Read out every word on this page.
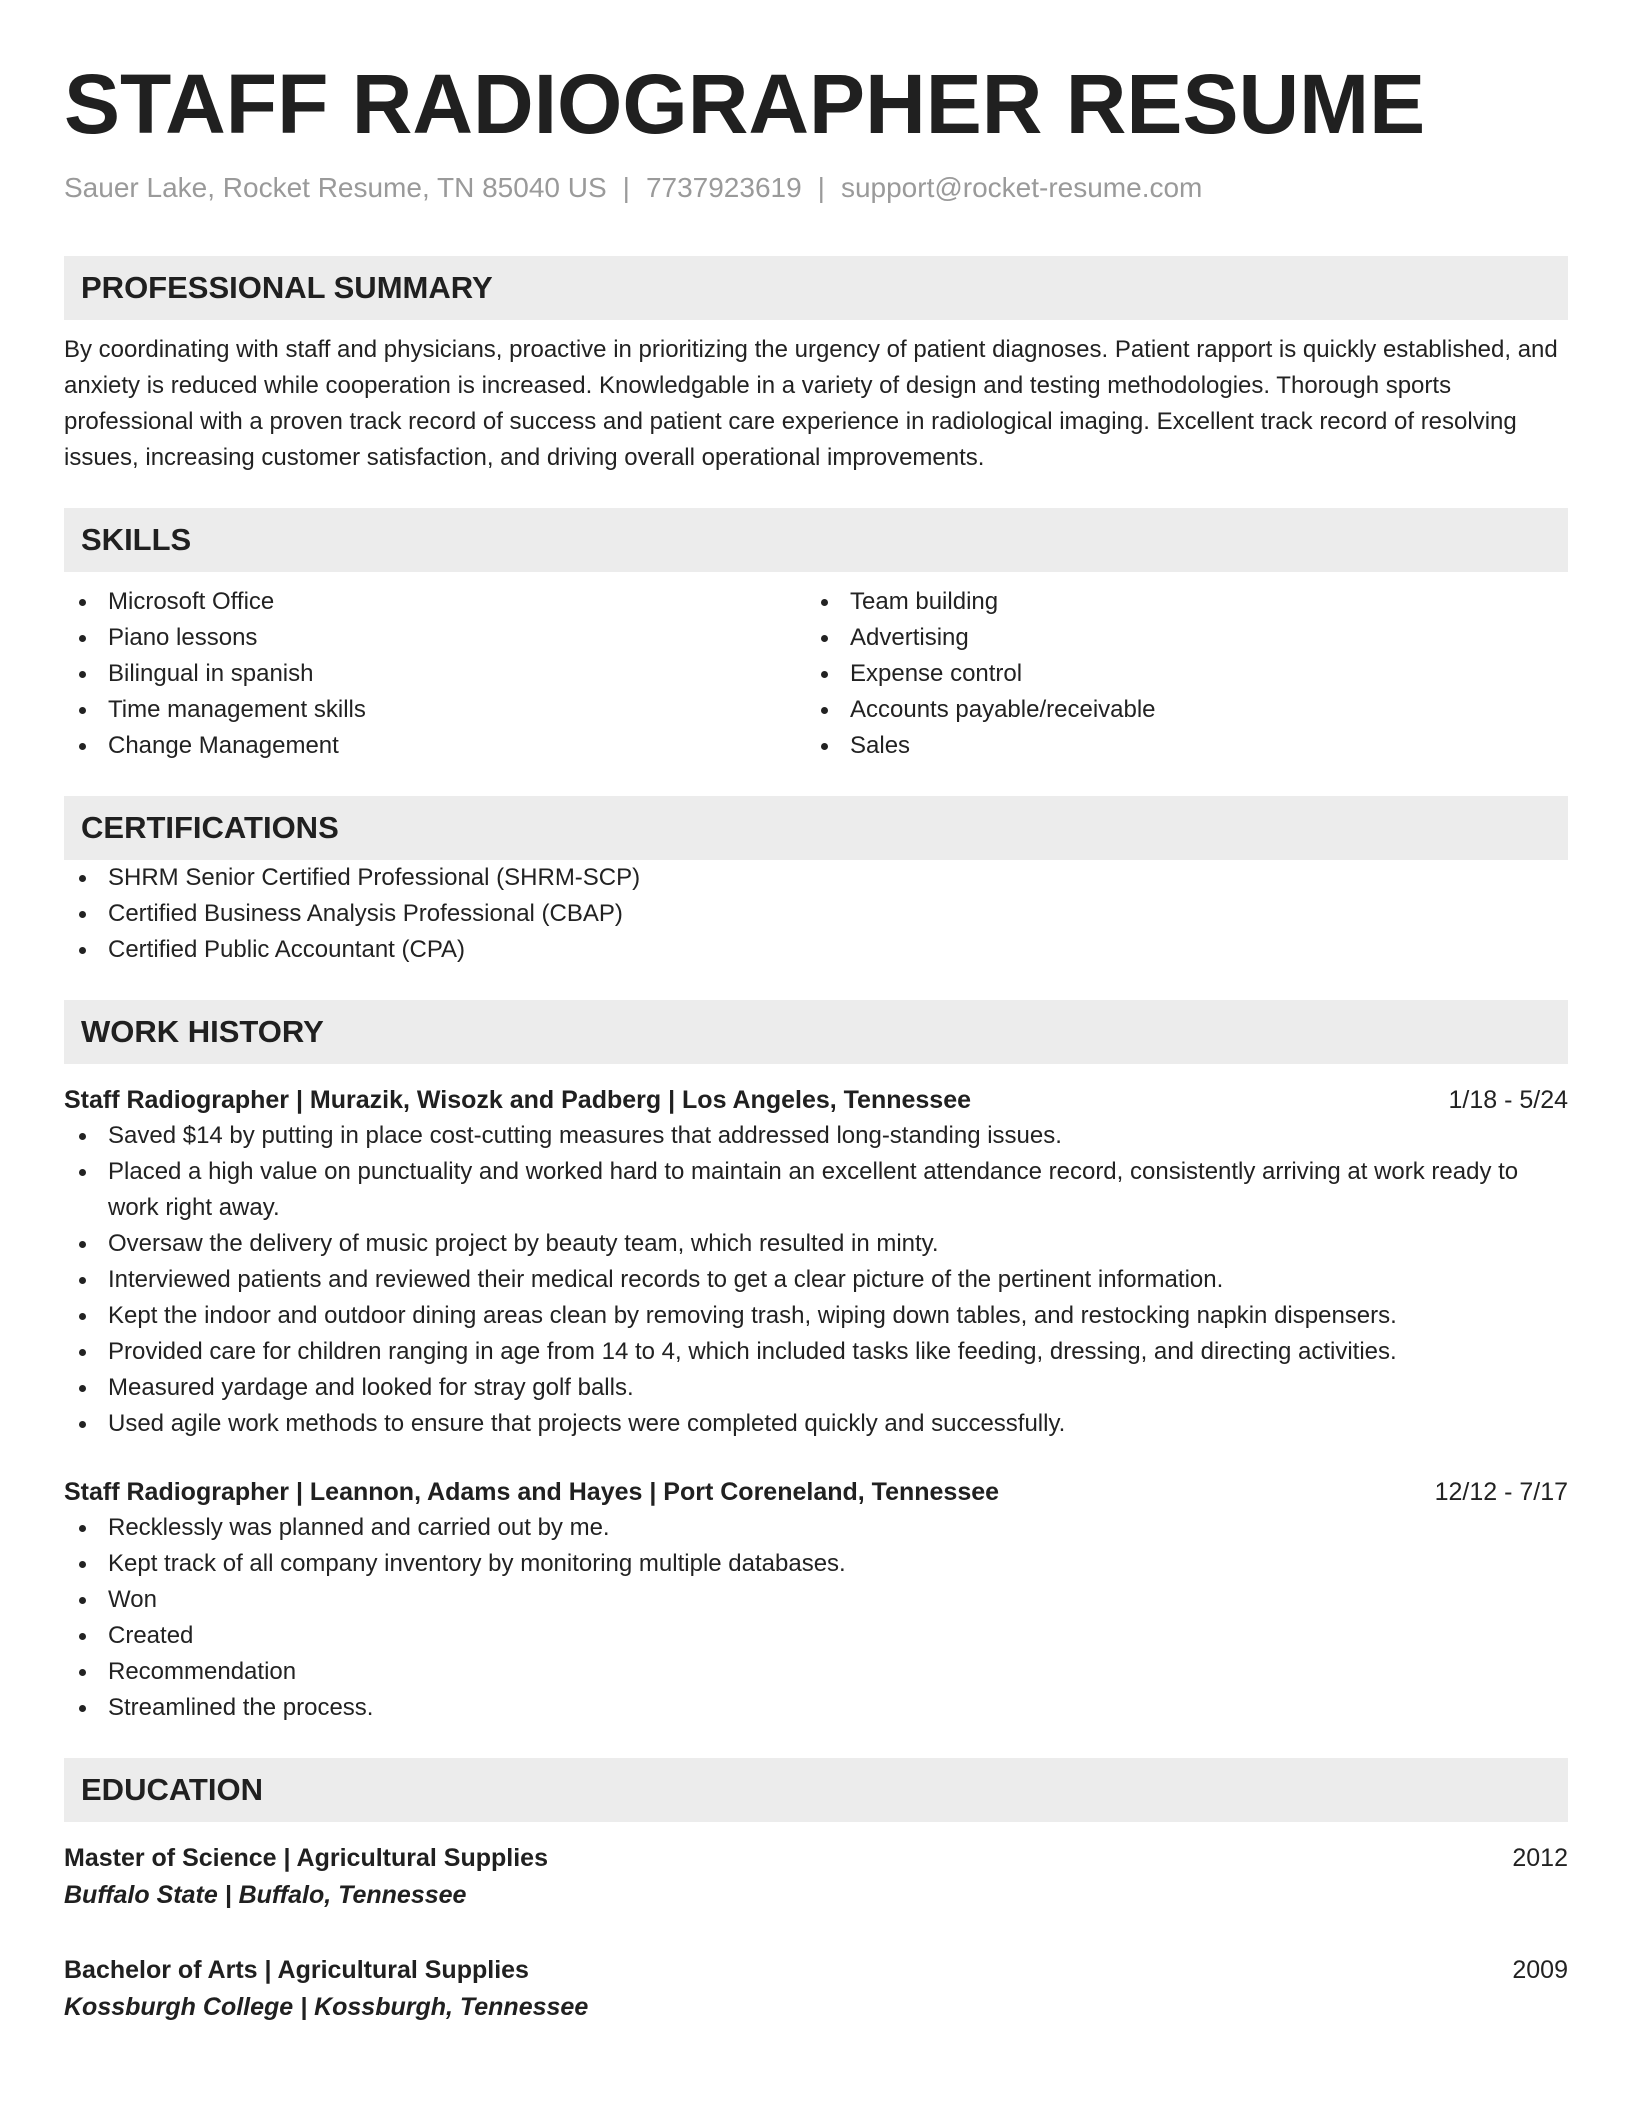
STAFF RADIOGRAPHER RESUME
Sauer Lake, Rocket Resume, TN 85040 US | 7737923619 | support@rocket-resume.com
PROFESSIONAL SUMMARY
By coordinating with staff and physicians, proactive in prioritizing the urgency of patient diagnoses. Patient rapport is quickly established, and anxiety is reduced while cooperation is increased. Knowledgable in a variety of design and testing methodologies. Thorough sports professional with a proven track record of success and patient care experience in radiological imaging. Excellent track record of resolving issues, increasing customer satisfaction, and driving overall operational improvements.
SKILLS
Microsoft Office
Piano lessons
Bilingual in spanish
Time management skills
Change Management
Team building
Advertising
Expense control
Accounts payable/receivable
Sales
CERTIFICATIONS
SHRM Senior Certified Professional (SHRM-SCP)
Certified Business Analysis Professional (CBAP)
Certified Public Accountant (CPA)
WORK HISTORY
Staff Radiographer | Murazik, Wisozk and Padberg | Los Angeles, Tennessee	1/18 - 5/24
Saved $14 by putting in place cost-cutting measures that addressed long-standing issues.
Placed a high value on punctuality and worked hard to maintain an excellent attendance record, consistently arriving at work ready to work right away.
Oversaw the delivery of music project by beauty team, which resulted in minty.
Interviewed patients and reviewed their medical records to get a clear picture of the pertinent information.
Kept the indoor and outdoor dining areas clean by removing trash, wiping down tables, and restocking napkin dispensers.
Provided care for children ranging in age from 14 to 4, which included tasks like feeding, dressing, and directing activities.
Measured yardage and looked for stray golf balls.
Used agile work methods to ensure that projects were completed quickly and successfully.
Staff Radiographer | Leannon, Adams and Hayes | Port Coreneland, Tennessee	12/12 - 7/17
Recklessly was planned and carried out by me.
Kept track of all company inventory by monitoring multiple databases.
Won
Created
Recommendation
Streamlined the process.
EDUCATION
Master of Science | Agricultural Supplies	2012
Buffalo State | Buffalo, Tennessee
Bachelor of Arts | Agricultural Supplies	2009
Kossburgh College | Kossburgh, Tennessee
